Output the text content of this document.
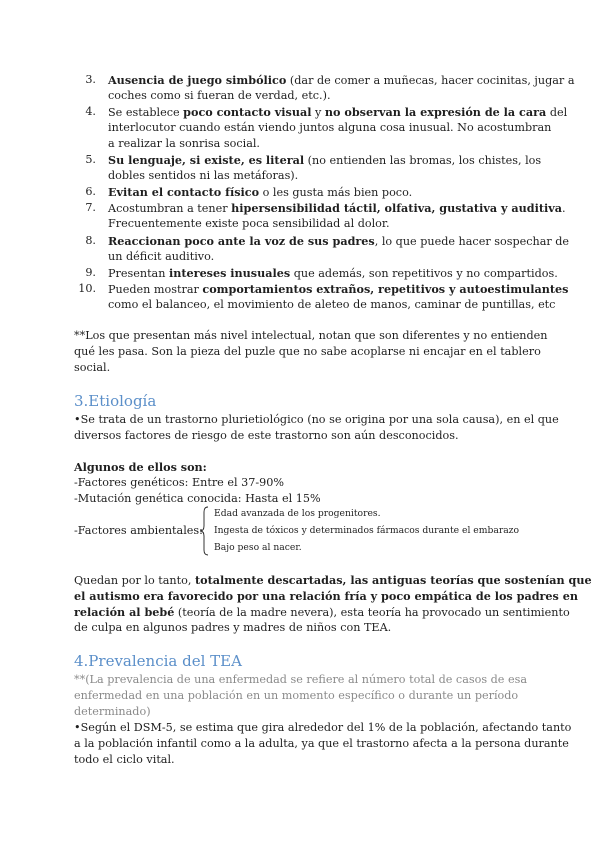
3. Ausencia de juego simbólico (dar de comer a muñecas, hacer cocinitas, jugar a
coches como si fueran de verdad, etc.).
4. Se establece poco contacto visual y no observan la expresión de la cara del
interlocutor cuando están viendo juntos alguna cosa inusual. No acostumbran
a realizar la sonrisa social.
5. Su lenguaje, si existe, es literal (no entienden las bromas, los chistes, los
dobles sentidos ni las metáforas).
6. Evitan el contacto físico o les gusta más bien poco.
7. Acostumbran a tener hipersensibilidad táctil, olfativa, gustativa y auditiva.
Frecuentemente existe poca sensibilidad al dolor.
8. Reaccionan poco ante la voz de sus padres, lo que puede hacer sospechar de
un déficit auditivo.
9. Presentan intereses inusuales que además, son repetitivos y no compartidos.
10. Pueden mostrar comportamientos extraños, repetitivos y autoestimulantes
como el balanceo, el movimiento de aleteo de manos, caminar de puntillas, etc
**Los que presentan más nivel intelectual, notan que son diferentes y no entienden
qué les pasa. Son la pieza del puzle que no sabe acoplarse ni encajar en el tablero
social.
3.Etiología
•Se trata de un trastorno plurietiológico (no se origina por una sola causa), en el que
diversos factores de riesgo de este trastorno son aún desconocidos.
Algunos de ellos son:
-Factores genéticos: Entre el 37-90%
-Mutación genética conocida: Hasta el 15%
-Factores ambientales:
Edad avanzada de los progenitores.
Ingesta de tóxicos y determinados fármacos durante el embarazo
Bajo peso al nacer.
Quedan por lo tanto, totalmente descartadas, las antiguas teorías que sostenían que
el autismo era favorecido por una relación fría y poco empática de los padres en
relación al bebé (teoría de la madre nevera), esta teoría ha provocado un sentimiento
de culpa en algunos padres y madres de niños con TEA.
4.Prevalencia del TEA
**(La prevalencia de una enfermedad se refiere al número total de casos de esa
enfermedad en una población en un momento específico o durante un período
determinado)
•Según el DSM-5, se estima que gira alrededor del 1% de la población, afectando tanto
a la población infantil como a la adulta, ya que el trastorno afecta a la persona durante
todo el ciclo vital.
